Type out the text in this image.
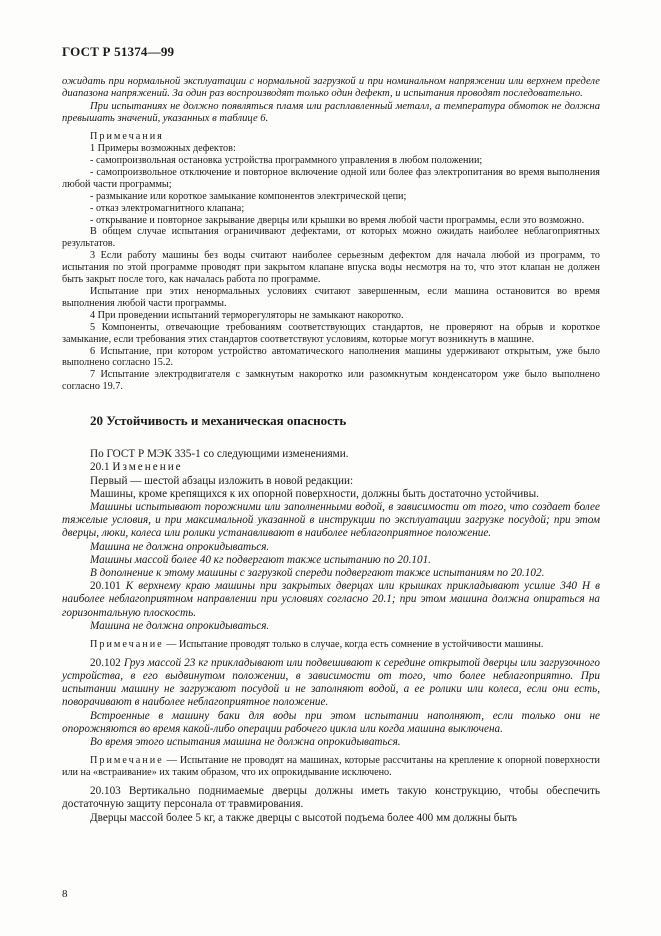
ГОСТ Р 51374—99

ожидать при нормальной эксплуатации с нормальной загрузкой и при номинальном напряжении или верхнем пределе диапазона напряжений. За один раз воспроизводят только один дефект, и испытания проводят последовательно.

При испытаниях не должно появляться пламя или расплавленный металл, а температура обмоток не должна превышать значений, указанных в таблице 6.

Примечания

1 Примеры возможных дефектов:

- самопроизвольная остановка устройства программного управления в любом положении;

- самопроизвольное отключение и повторное включение одной или более фаз электропитания во время выполнения любой части программы;

- размыкание или короткое замыкание компонентов электрической цепи;

- отказ электромагнитного клапана;

- открывание и повторное закрывание дверцы или крышки во время любой части программы, если это возможно.

В общем случае испытания ограничивают дефектами, от которых можно ожидать наиболее неблагоприятных результатов.

3 Если работу машины без воды считают наиболее серьезным дефектом для начала любой из программ, то испытания по этой программе проводят при закрытом клапане впуска воды несмотря на то, что этот клапан не должен быть закрыт после того, как началась работа по программе.

Испытание при этих ненормальных условиях считают завершенным, если машина остановится во время выполнения любой части программы.

4 При проведении испытаний терморегуляторы не замыкают накоротко.

5 Компоненты, отвечающие требованиям соответствующих стандартов, не проверяют на обрыв и короткое замыкание, если требования этих стандартов соответствуют условиям, которые могут возникнуть в машине.

6 Испытание, при котором устройство автоматического наполнения машины удерживают открытым, уже было выполнено согласно 15.2.

7 Испытание электродвигателя с замкнутым накоротко или разомкнутым конденсатором уже было выполнено согласно 19.7.

20 Устойчивость и механическая опасность

По ГОСТ Р МЭК 335-1 со следующими изменениями.

20.1 Изменение

Первый — шестой абзацы изложить в новой редакции:

Машины, кроме крепящихся к их опорной поверхности, должны быть достаточно устойчивы.

Машины испытывают порожними или заполненными водой, в зависимости от того, что создает более тяжелые условия, и при максимальной указанной в инструкции по эксплуатации загрузке посудой; при этом дверцы, люки, колеса или ролики устанавливают в наиболее неблагоприятное положение.

Машина не должна опрокидываться.

Машины массой более 40 кг подвергают также испытанию по 20.101.

В дополнение к этому машины с загрузкой спереди подвергают также испытаниям по 20.102.

20.101 К верхнему краю машины при закрытых дверцах или крышках прикладывают усилие 340 Н в наиболее неблагоприятном направлении при условиях согласно 20.1; при этом машина должна опираться на горизонтальную плоскость.

Машина не должна опрокидываться.

Примечание — Испытание проводят только в случае, когда есть сомнение в устойчивости машины.

20.102 Груз массой 23 кг прикладывают или подвешивают к середине открытой дверцы или загрузочного устройства, в его выдвинутом положении, в зависимости от того, что более неблагоприятно. При испытании машину не загружают посудой и не заполняют водой, а ее ролики или колеса, если они есть, поворачивают в наиболее неблагоприятное положение.

Встроенные в машину баки для воды при этом испытании наполняют, если только они не опорожняются во время какой-либо операции рабочего цикла или когда машина выключена.

Во время этого испытания машина не должна опрокидываться.

Примечание — Испытание не проводят на машинах, которые рассчитаны на крепление к опорной поверхности или на «встраивание» их таким образом, что их опрокидывание исключено.

20.103 Вертикально поднимаемые дверцы должны иметь такую конструкцию, чтобы обеспечить достаточную защиту персонала от травмирования.

Дверцы массой более 5 кг, а также дверцы с высотой подъема более 400 мм должны быть

8
